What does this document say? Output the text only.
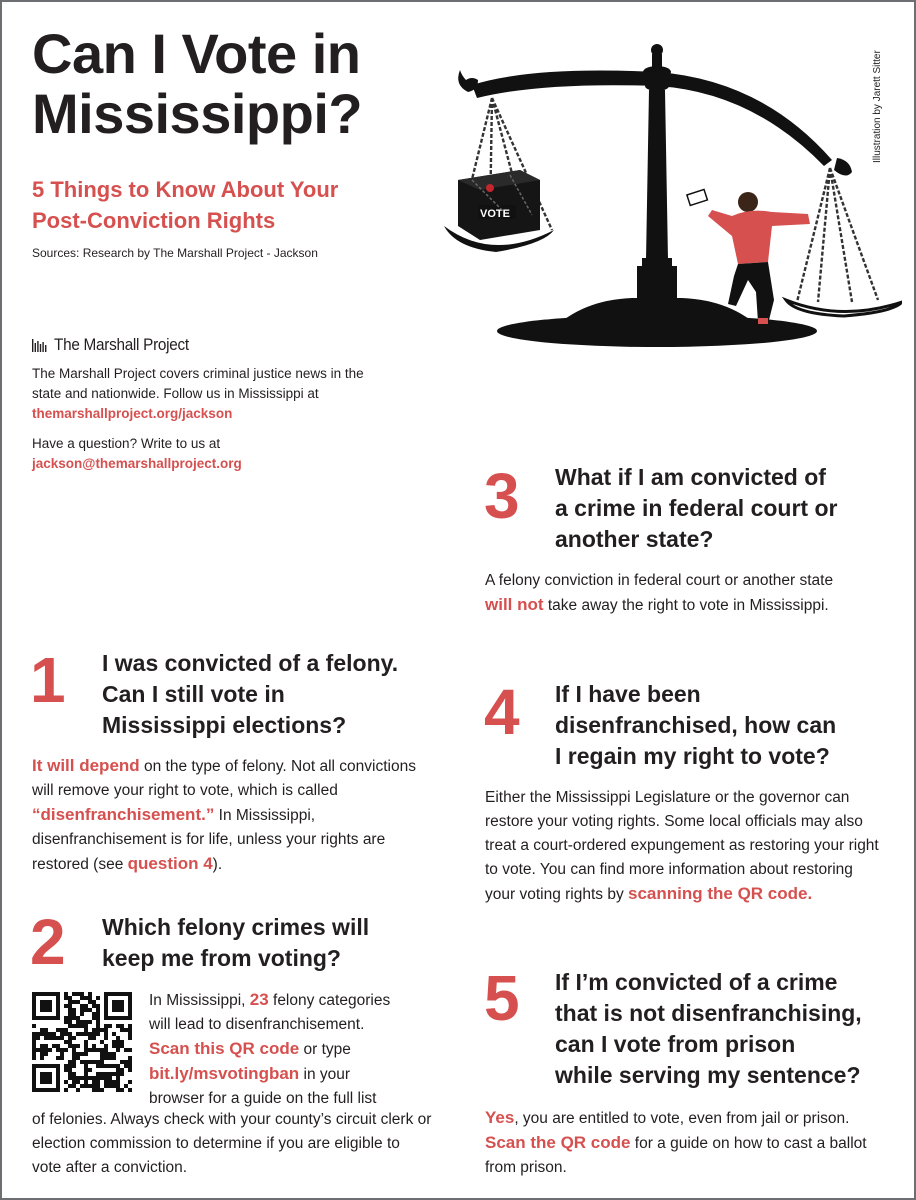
Can I Vote in
Mississippi?
5 Things to Know About Your
Post-Conviction Rights
Sources: Research by The Marshall Project - Jackson
VOTE
Illustration by Jarett Sitter
The Marshall Project

The Marshall Project covers criminal justice news in the state and nationwide. Follow us in Mississippi at

themarshallproject.org/jackson

Have a question? Write to us at

jackson@themarshallproject.org

1 I was convicted of a felony.
Can I still vote in
Mississippi elections?
It will depend on the type of felony. Not all convictions will remove your right to vote, which is called “disenfranchisement.” In Mississippi, disenfranchisement is for life, unless your rights are restored (see question 4).
2 Which felony crimes will
keep me from voting?
In Mississippi, 23 felony categories
will lead to disenfranchisement.
Scan this QR code or type
bit.ly/msvotingban in your
browser for a guide on the full list
of felonies. Always check with your county’s circuit clerk or election commission to determine if you are eligible to vote after a conviction.
3 What if I am convicted of
a crime in federal court or
another state?
A felony conviction in federal court or another state will not take away the right to vote in Mississippi.
4 If I have been
disenfranchised, how can
I regain my right to vote?
Either the Mississippi Legislature or the governor can restore your voting rights. Some local officials may also treat a court-ordered expungement as restoring your right to vote. You can find more information about restoring your voting rights by scanning the QR code.
5 If I’m convicted of a crime
that is not disenfranchising,
can I vote from prison
while serving my sentence?
Yes, you are entitled to vote, even from jail or prison. Scan the QR code for a guide on how to cast a ballot from prison.
